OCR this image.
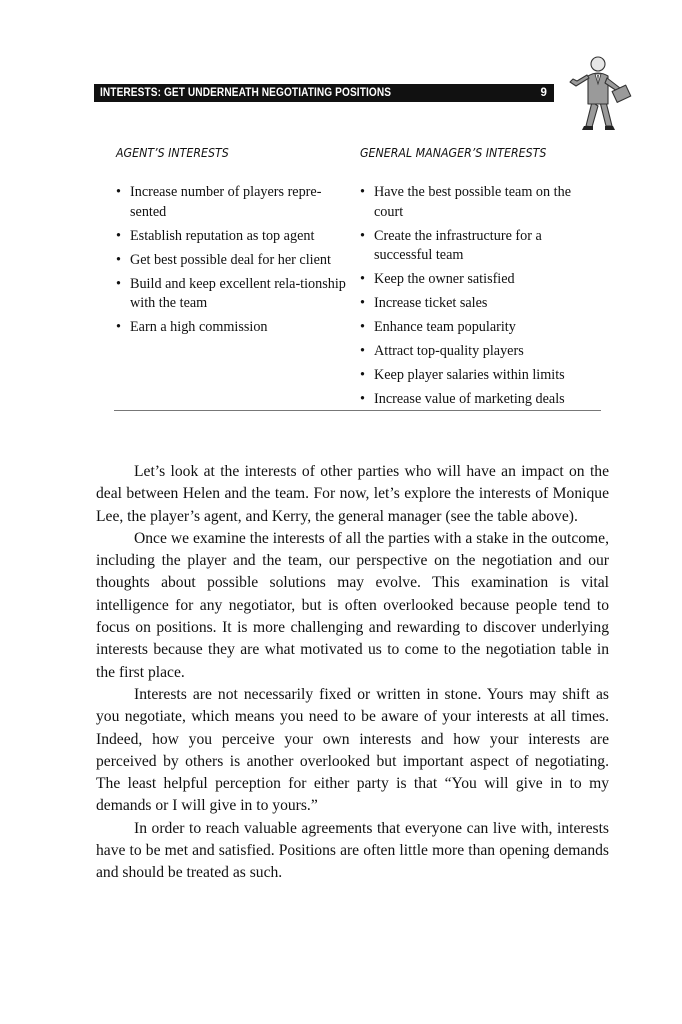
INTERESTS: GET UNDERNEATH NEGOTIATING POSITIONS	9
AGENT’S INTERESTS	GENERAL MANAGER’S INTERESTS
• Increase number of players repre-sented
• Establish reputation as top agent
• Get best possible deal for her client
• Build and keep excellent rela-tionship with the team
• Earn a high commission
• Have the best possible team on the court
• Create the infrastructure for a successful team
• Keep the owner satisfied
• Increase ticket sales
• Enhance team popularity
• Attract top-quality players
• Keep player salaries within limits
• Increase value of marketing deals

Let’s look at the interests of other parties who will have an impact on the deal between Helen and the team. For now, let’s explore the interests of Monique Lee, the player’s agent, and Kerry, the general manager (see the table above).

Once we examine the interests of all the parties with a stake in the outcome, including the player and the team, our perspective on the negotiation and our thoughts about possible solutions may evolve. This examination is vital intelligence for any negotiator, but is often overlooked because people tend to focus on positions. It is more challenging and rewarding to discover underlying interests because they are what motivated us to come to the negotiation table in the first place.

Interests are not necessarily fixed or written in stone. Yours may shift as you negotiate, which means you need to be aware of your interests at all times. Indeed, how you perceive your own interests and how your interests are perceived by others is another overlooked but important aspect of negotiating. The least helpful perception for either party is that “You will give in to my demands or I will give in to yours.”

In order to reach valuable agreements that everyone can live with, interests have to be met and satisfied. Positions are often little more than opening demands and should be treated as such.
